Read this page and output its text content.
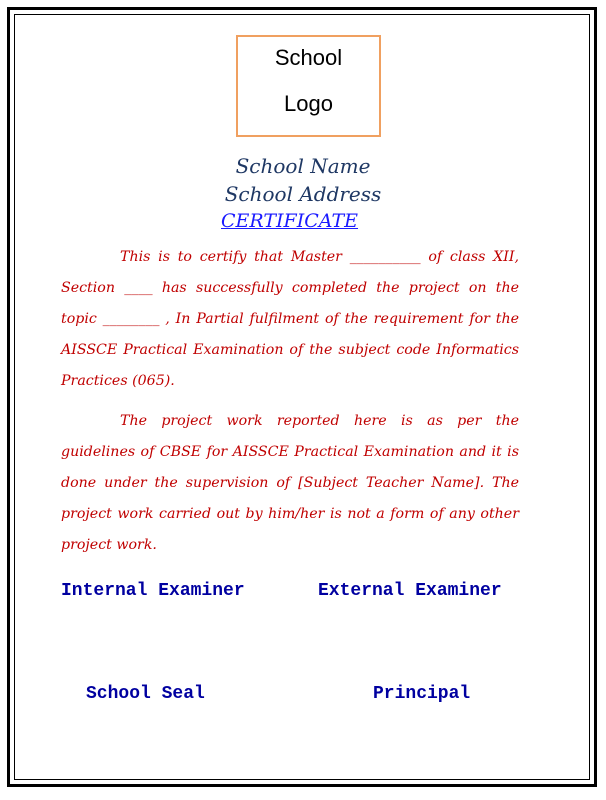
School
Logo
School Name
School Address
CERTIFICATE

This is to certify that Master __________ of class XII, Section ____ has successfully completed the project on the topic ________ , In Partial fulfilment of the requirement for the AISSCE Practical Examination of the subject code Informatics Practices (065).

The project work reported here is as per the guidelines of CBSE for AISSCE Practical Examination and it is done under the supervision of [Subject Teacher Name]. The project work carried out by him/her is not a form of any other project work.

Internal Examiner	External Examiner
School Seal	Principal
